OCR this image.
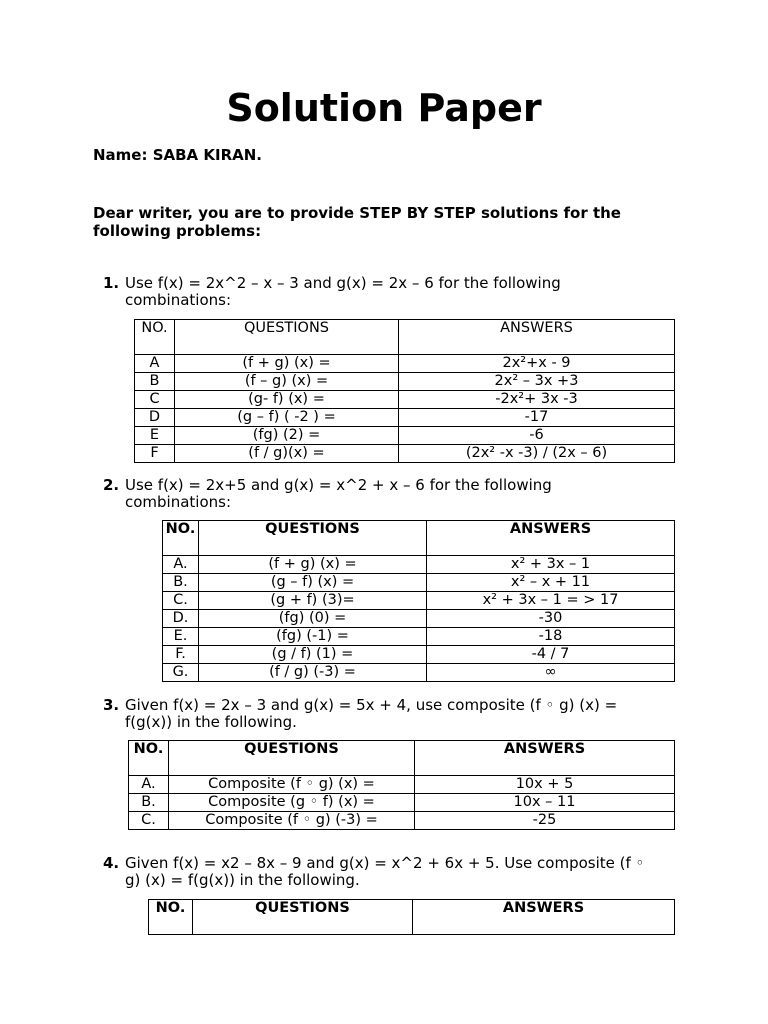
Solution Paper
Name: SABA KIRAN.
Dear writer, you are to provide STEP BY STEP solutions for the following problems:
1. Use f(x) = 2x^2 – x – 3 and g(x) = 2x – 6 for the following combinations:
NO.	QUESTIONS	ANSWERS
A	(f + g) (x) =	2x²+x - 9
B	(f – g) (x) =	2x² – 3x +3
C	(g- f) (x) =	-2x²+ 3x -3
D	(g – f) ( -2 ) =	-17
E	(fg) (2) =	-6
F	(f / g)(x) =	(2x² -x -3) / (2x – 6)
2. Use f(x) = 2x+5 and g(x) = x^2 + x – 6 for the following combinations:
NO.	QUESTIONS	ANSWERS
A.	(f + g) (x) =	x² + 3x – 1
B.	(g – f) (x) =	x² – x + 11
C.	(g + f) (3)=	x² + 3x – 1 = > 17
D.	(fg) (0) =	-30
E.	(fg) (-1) =	-18
F.	(g / f) (1) =	-4 / 7
G.	(f / g) (-3) =	∞
3. Given f(x) = 2x – 3 and g(x) = 5x + 4, use composite (f ◦ g) (x) = f(g(x)) in the following.
NO.	QUESTIONS	ANSWERS
A.	Composite (f ◦ g) (x) =	10x + 5
B.	Composite (g ◦ f) (x) =	10x – 11
C.	Composite (f ◦ g) (-3) =	-25
4. Given f(x) = x2 – 8x – 9 and g(x) = x^2 + 6x + 5. Use composite (f ◦ g) (x) = f(g(x)) in the following.
NO.	QUESTIONS	ANSWERS
